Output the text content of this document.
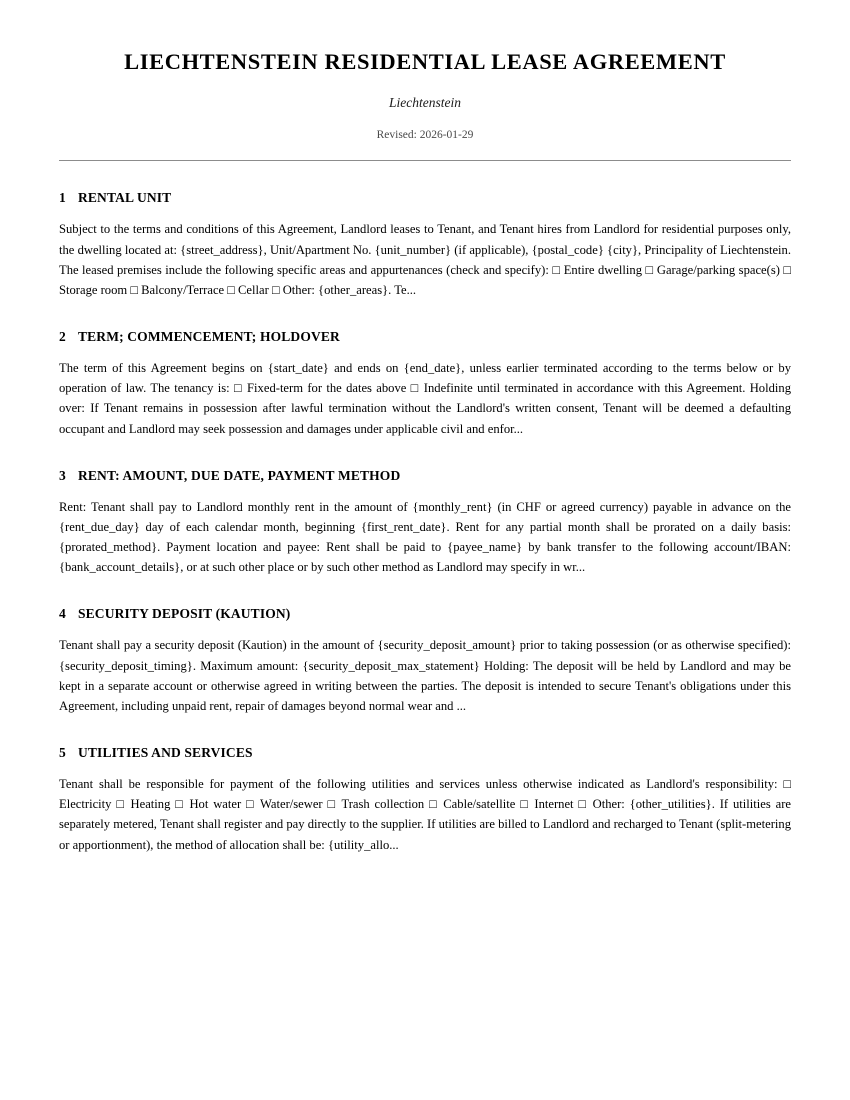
LIECHTENSTEIN RESIDENTIAL LEASE AGREEMENT
Liechtenstein
Revised: 2026-01-29
1 RENTAL UNIT

Subject to the terms and conditions of this Agreement, Landlord leases to Tenant, and Tenant hires from Landlord for residential purposes only, the dwelling located at: {street_address}, Unit/Apartment No. {unit_number} (if applicable), {postal_code} {city}, Principality of Liechtenstein. The leased premises include the following specific areas and appurtenances (check and specify): □ Entire dwelling □ Garage/parking space(s) □ Storage room □ Balcony/Terrace □ Cellar □ Other: {other_areas}. Te...

2 TERM; COMMENCEMENT; HOLDOVER

The term of this Agreement begins on {start_date} and ends on {end_date}, unless earlier terminated according to the terms below or by operation of law. The tenancy is: □ Fixed-term for the dates above □ Indefinite until terminated in accordance with this Agreement. Holding over: If Tenant remains in possession after lawful termination without the Landlord's written consent, Tenant will be deemed a defaulting occupant and Landlord may seek possession and damages under applicable civil and enfor...

3 RENT: AMOUNT, DUE DATE, PAYMENT METHOD

Rent: Tenant shall pay to Landlord monthly rent in the amount of {monthly_rent} (in CHF or agreed currency) payable in advance on the {rent_due_day} day of each calendar month, beginning {first_rent_date}. Rent for any partial month shall be prorated on a daily basis: {prorated_method}. Payment location and payee: Rent shall be paid to {payee_name} by bank transfer to the following account/IBAN: {bank_account_details}, or at such other place or by such other method as Landlord may specify in wr...

4 SECURITY DEPOSIT (KAUTION)

Tenant shall pay a security deposit (Kaution) in the amount of {security_deposit_amount} prior to taking possession (or as otherwise specified): {security_deposit_timing}. Maximum amount: {security_deposit_max_statement} Holding: The deposit will be held by Landlord and may be kept in a separate account or otherwise agreed in writing between the parties. The deposit is intended to secure Tenant's obligations under this Agreement, including unpaid rent, repair of damages beyond normal wear and ...

5 UTILITIES AND SERVICES

Tenant shall be responsible for payment of the following utilities and services unless otherwise indicated as Landlord's responsibility: □ Electricity □ Heating □ Hot water □ Water/sewer □ Trash collection □ Cable/satellite □ Internet □ Other: {other_utilities}. If utilities are separately metered, Tenant shall register and pay directly to the supplier. If utilities are billed to Landlord and recharged to Tenant (split-metering or apportionment), the method of allocation shall be: {utility_allo...
